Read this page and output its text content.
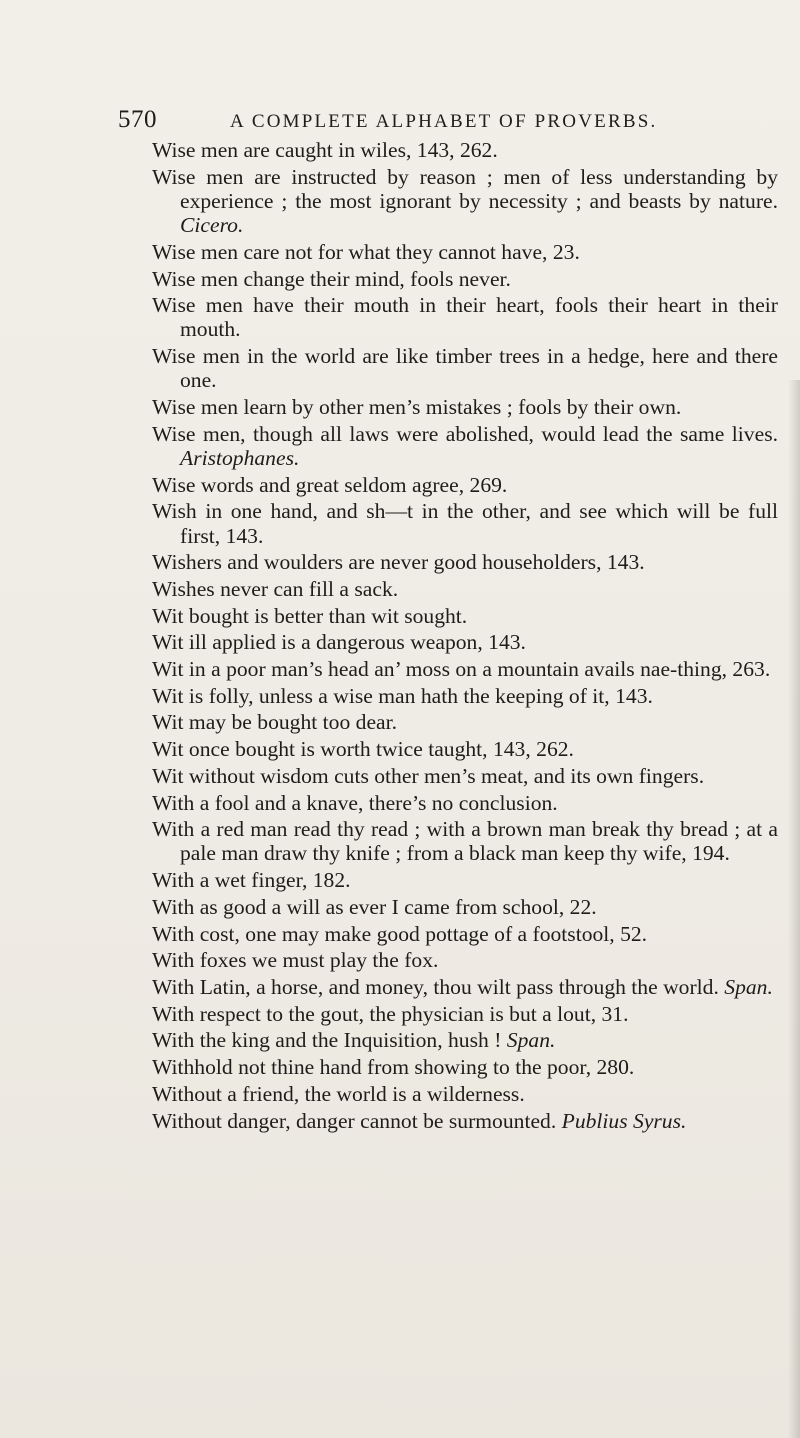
570	A COMPLETE ALPHABET OF PROVERBS.
Wise men are caught in wiles, 143, 262.
Wise men are instructed by reason ; men of less understanding by experience ; the most ignorant by necessity ; and beasts by nature. Cicero.
Wise men care not for what they cannot have, 23.
Wise men change their mind, fools never.
Wise men have their mouth in their heart, fools their heart in their mouth.
Wise men in the world are like timber trees in a hedge, here and there one.
Wise men learn by other men’s mistakes ; fools by their own.
Wise men, though all laws were abolished, would lead the same lives. Aristophanes.
Wise words and great seldom agree, 269.
Wish in one hand, and sh—t in the other, and see which will be full first, 143.
Wishers and woulders are never good householders, 143.
Wishes never can fill a sack.
Wit bought is better than wit sought.
Wit ill applied is a dangerous weapon, 143.
Wit in a poor man’s head an’ moss on a mountain avails nae-thing, 263.
Wit is folly, unless a wise man hath the keeping of it, 143.
Wit may be bought too dear.
Wit once bought is worth twice taught, 143, 262.
Wit without wisdom cuts other men’s meat, and its own fingers.
With a fool and a knave, there’s no conclusion.
With a red man read thy read ; with a brown man break thy bread ; at a pale man draw thy knife ; from a black man keep thy wife, 194.
With a wet finger, 182.
With as good a will as ever I came from school, 22.
With cost, one may make good pottage of a footstool, 52.
With foxes we must play the fox.
With Latin, a horse, and money, thou wilt pass through the world. Span.
With respect to the gout, the physician is but a lout, 31.
With the king and the Inquisition, hush ! Span.
Withhold not thine hand from showing to the poor, 280.
Without a friend, the world is a wilderness.
Without danger, danger cannot be surmounted. Publius Syrus.
